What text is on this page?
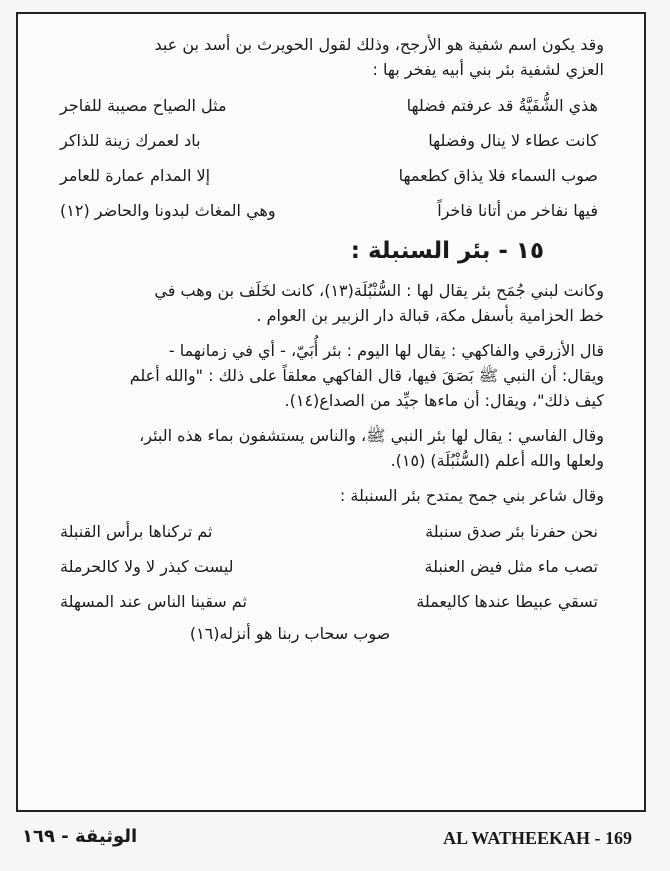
وقد يكون اسم شفية هو الأرجح، وذلك لقول الحويرث بن أسد بن عبد

العزي لشفية بئر بني أبيه يفخر بها :

هذي الشُّفَيَّةُ قد عرفتم فضلها
مثل الصياح مصيبة للفاجر
كانت عطاء لا ينال وفضلها
باد لعمرك زينة للذاكر
صوب السماء فلا يذاق كطعمها
إلا المدام عمارة للعامر
فيها نفاخر من أتانا فاخراً
وهي المغاث لبدونا والحاضر (١٢)
١٥ - بئر السنبلة :

وكانت لبني جُمَح بئر يقال لها : السُّنْبُلَة(١٣)، كانت لخَلَف بن وهب في

خط الحزامية بأسفل مكة، قبالة دار الزبير بن العوام .

قال الأزرقي والفاكهي : يقال لها اليوم : بئر أُبَيّ، - أي في زمانهما -

ويقال: أن النبي ﷺ بَصَقَ فيها، قال الفاكهي معلقاً على ذلك : "والله أعلم

كيف ذلك"، ويقال: أن ماءها جيِّد من الصداع(١٤).

وقال الفاسي : يقال لها بئر النبي ﷺ، والناس يستشفون بماء هذه البئر،

ولعلها والله أعلم (السُّنْبُلَة) (١٥).

وقال شاعر بني جمح يمتدح بئر السنبلة :

نحن حفرنا بئر صدق سنبلة
ثم تركناها برأس القنبلة
تصب ماء مثل فيض العنبلة
ليست كبذر لا ولا كالحرملة
تسقي عبيطا عندها كاليعملة
ثم سقينا الناس عند المسهلة
صوب سحاب ربنا هو أنزله(١٦)
الوثيقة - ١٦٩	AL WATHEEKAH - 169
